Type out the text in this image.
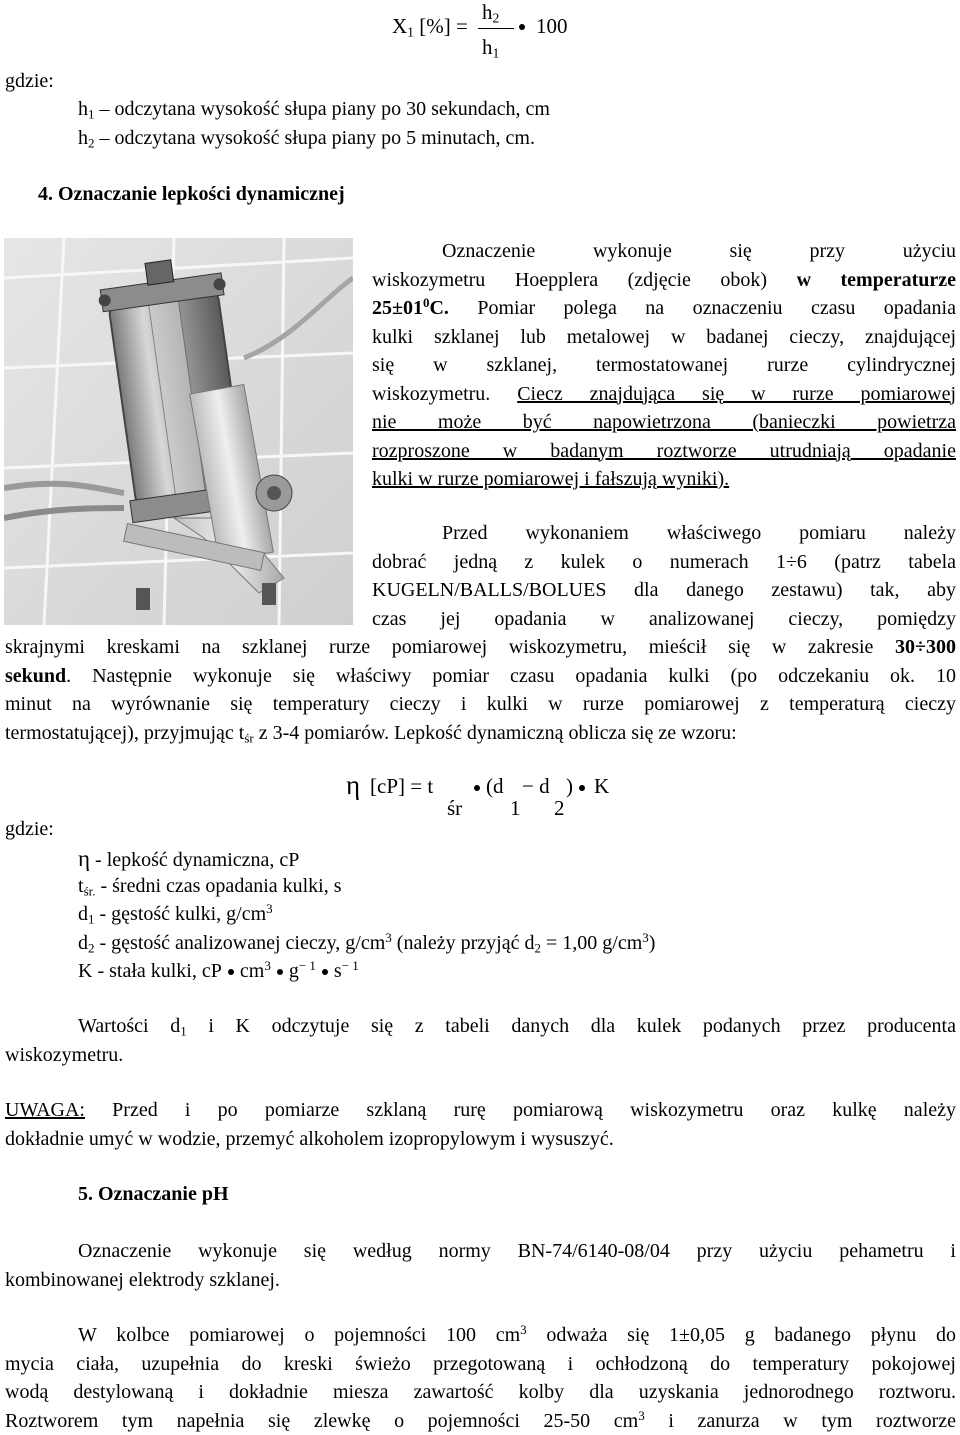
$X_1$ [%] =
$h_2$
$h_1$
100
gdzie:
$h_1$ – odczytana wysokość słupa piany po 30 sekundach, cm
$h_2$ – odczytana wysokość słupa piany po 5 minutach, cm.
4. Oznaczanie lepkości dynamicznej
Oznaczenie wykonuje się przy użyciu
wiskozymetru Hoepplera (zdjęcie obok) w temperaturze
$25\pm 01^0C$. Pomiar polega na oznaczeniu czasu opadania
kulki szklanej lub metalowej w badanej cieczy, znajdującej
się w szklanej, termostatowanej rurze cylindrycznej
wiskozymetru. Ciecz znajdująca się w rurze pomiarowej
nie może być napowietrzona (banieczki powietrza
rozproszone w badanym roztworze utrudniają opadanie
kulki w rurze pomiarowej i fałszują wyniki).
Przed wykonaniem właściwego pomiaru należy
dobrać jedną z kulek o numerach 1÷6 (patrz tabela
KUGELN/BALLS/BOLUES dla danego zestawu) tak, aby
czas jej opadania w analizowanej cieczy, pomiędzy
skrajnymi kreskami na szklanej rurze pomiarowej wiskozymetru, mieścił się w zakresie 30÷300
sekund. Następnie wykonuje się właściwy pomiar czasu opadania kulki (po odczekaniu ok. 10
minut na wyrównanie się temperatury cieczy i kulki w rurze pomiarowej z temperaturą cieczy
termostatującej), przyjmując $t_{śr}$ z 3-4 pomiarów. Lepkość dynamiczną oblicza się ze wzoru:
η [cP] = t
śr
(d
1
− d
2
) K
gdzie:
η - lepkość dynamiczna, cP
$t_{śr.}$ - średni czas opadania kulki, s
$d_1$ - gęstość kulki, $g/cm^3$
$d_2$ - gęstość analizowanej cieczy, $g/cm^3$ (należy przyjąć $d_2 = 1,00$ $g/cm^3$)
K - stała kulki, cP $cm^3$ $g^{- 1}$ $s^{- 1}$
Wartości $d_1$ i K odczytuje się z tabeli danych dla kulek podanych przez producenta
wiskozymetru.
UWAGA: Przed i po pomiarze szklaną rurę pomiarową wiskozymetru oraz kulkę należy
dokładnie umyć w wodzie, przemyć alkoholem izopropylowym i wysuszyć.
5. Oznaczanie pH
Oznaczenie wykonuje się według normy BN-74/6140-08/04 przy użyciu pehametru i
kombinowanej elektrody szklanej.
W kolbce pomiarowej o pojemności 100 $cm^3$ odważa się 1±0,05 g badanego płynu do
mycia ciała, uzupełnia do kreski świeżo przegotowaną i ochłodzoną do temperatury pokojowej
wodą destylowaną i dokładnie miesza zawartość kolby dla uzyskania jednorodnego roztworu.
Roztworem tym napełnia się zlewkę o pojemności 25-50 $cm^3$ i zanurza w tym roztworze
